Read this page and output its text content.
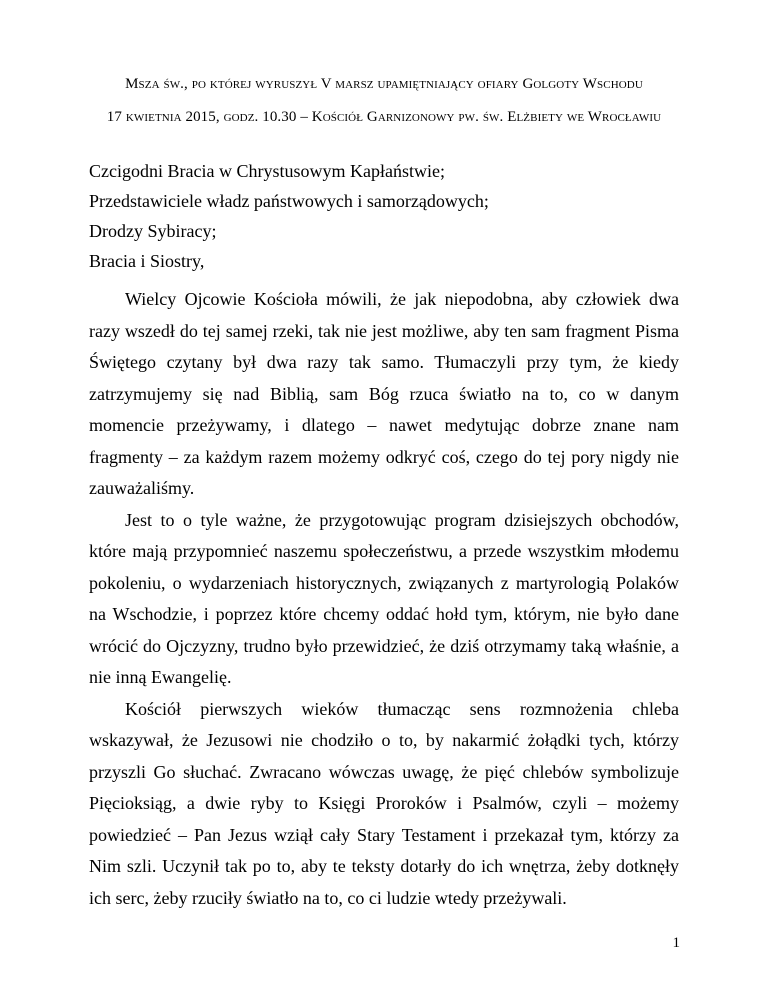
Msza św., po której wyruszył V marsz upamiętniający ofiary Golgoty Wschodu
17 kwietnia 2015, godz. 10.30 – Kościół Garnizonowy pw. św. Elżbiety we Wrocławiu
Czcigodni Bracia w Chrystusowym Kapłaństwie;
Przedstawiciele władz państwowych i samorządowych;
Drodzy Sybiracy;
Bracia i Siostry,

Wielcy Ojcowie Kościoła mówili, że jak niepodobna, aby człowiek dwa razy wszedł do tej samej rzeki, tak nie jest możliwe, aby ten sam fragment Pisma Świętego czytany był dwa razy tak samo. Tłumaczyli przy tym, że kiedy zatrzymujemy się nad Biblią, sam Bóg rzuca światło na to, co w danym momencie przeżywamy, i dlatego – nawet medytując dobrze znane nam fragmenty – za każdym razem możemy odkryć coś, czego do tej pory nigdy nie zauważaliśmy.

Jest to o tyle ważne, że przygotowując program dzisiejszych obchodów, które mają przypomnieć naszemu społeczeństwu, a przede wszystkim młodemu pokoleniu, o wydarzeniach historycznych, związanych z martyrologią Polaków na Wschodzie, i poprzez które chcemy oddać hołd tym, którym, nie było dane wrócić do Ojczyzny, trudno było przewidzieć, że dziś otrzymamy taką właśnie, a nie inną Ewangelię.

Kościół pierwszych wieków tłumacząc sens rozmnożenia chleba wskazywał, że Jezusowi nie chodziło o to, by nakarmić żołądki tych, którzy przyszli Go słuchać. Zwracano wówczas uwagę, że pięć chlebów symbolizuje Pięcioksiąg, a dwie ryby to Księgi Proroków i Psalmów, czyli – możemy powiedzieć – Pan Jezus wziął cały Stary Testament i przekazał tym, którzy za Nim szli. Uczynił tak po to, aby te teksty dotarły do ich wnętrza, żeby dotknęły ich serc, żeby rzuciły światło na to, co ci ludzie wtedy przeżywali.

1
